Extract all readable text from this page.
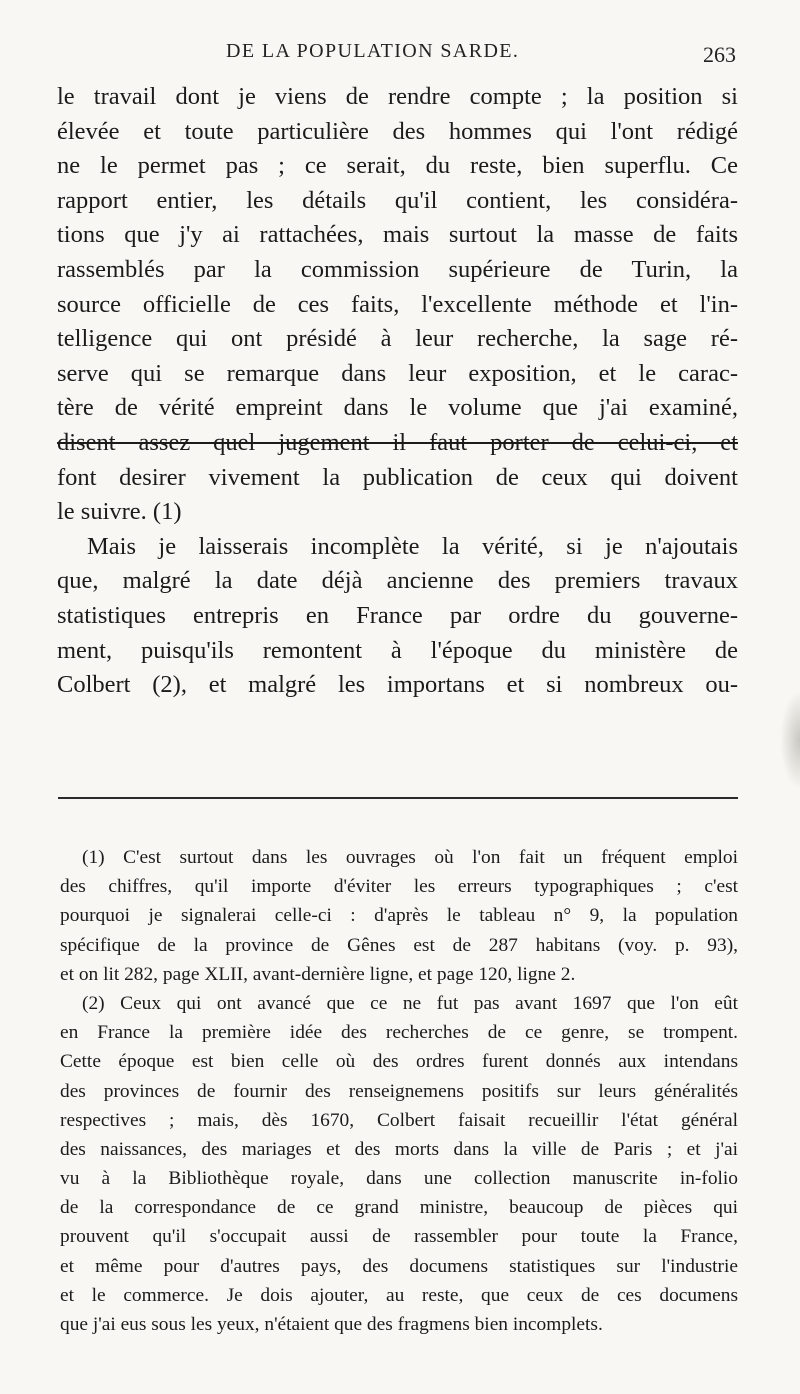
DE LA POPULATION SARDE.	263
le travail dont je viens de rendre compte ; la position si
élevée et toute particulière des hommes qui l'ont rédigé
ne le permet pas ; ce serait, du reste, bien superflu. Ce
rapport entier, les détails qu'il contient, les considéra-
tions que j'y ai rattachées, mais surtout la masse de faits
rassemblés par la commission supérieure de Turin, la
source officielle de ces faits, l'excellente méthode et l'in-
telligence qui ont présidé à leur recherche, la sage ré-
serve qui se remarque dans leur exposition, et le carac-
tère de vérité empreint dans le volume que j'ai examiné,
disent assez quel jugement il faut porter de celui-ci, et
font desirer vivement la publication de ceux qui doivent
le suivre. (1)
Mais je laisserais incomplète la vérité, si je n'ajoutais
que, malgré la date déjà ancienne des premiers travaux
statistiques entrepris en France par ordre du gouverne-
ment, puisqu'ils remontent à l'époque du ministère de
Colbert (2), et malgré les importans et si nombreux ou-
(1) C'est surtout dans les ouvrages où l'on fait un fréquent emploi
des chiffres, qu'il importe d'éviter les erreurs typographiques ; c'est
pourquoi je signalerai celle-ci : d'après le tableau n° 9, la population
spécifique de la province de Gênes est de 287 habitans (voy. p. 93),
et on lit 282, page XLII, avant-dernière ligne, et page 120, ligne 2.
(2) Ceux qui ont avancé que ce ne fut pas avant 1697 que l'on eût
en France la première idée des recherches de ce genre, se trompent.
Cette époque est bien celle où des ordres furent donnés aux intendans
des provinces de fournir des renseignemens positifs sur leurs généralités
respectives ; mais, dès 1670, Colbert faisait recueillir l'état général
des naissances, des mariages et des morts dans la ville de Paris ; et j'ai
vu à la Bibliothèque royale, dans une collection manuscrite in-folio
de la correspondance de ce grand ministre, beaucoup de pièces qui
prouvent qu'il s'occupait aussi de rassembler pour toute la France,
et même pour d'autres pays, des documens statistiques sur l'industrie
et le commerce. Je dois ajouter, au reste, que ceux de ces documens
que j'ai eus sous les yeux, n'étaient que des fragmens bien incomplets.
